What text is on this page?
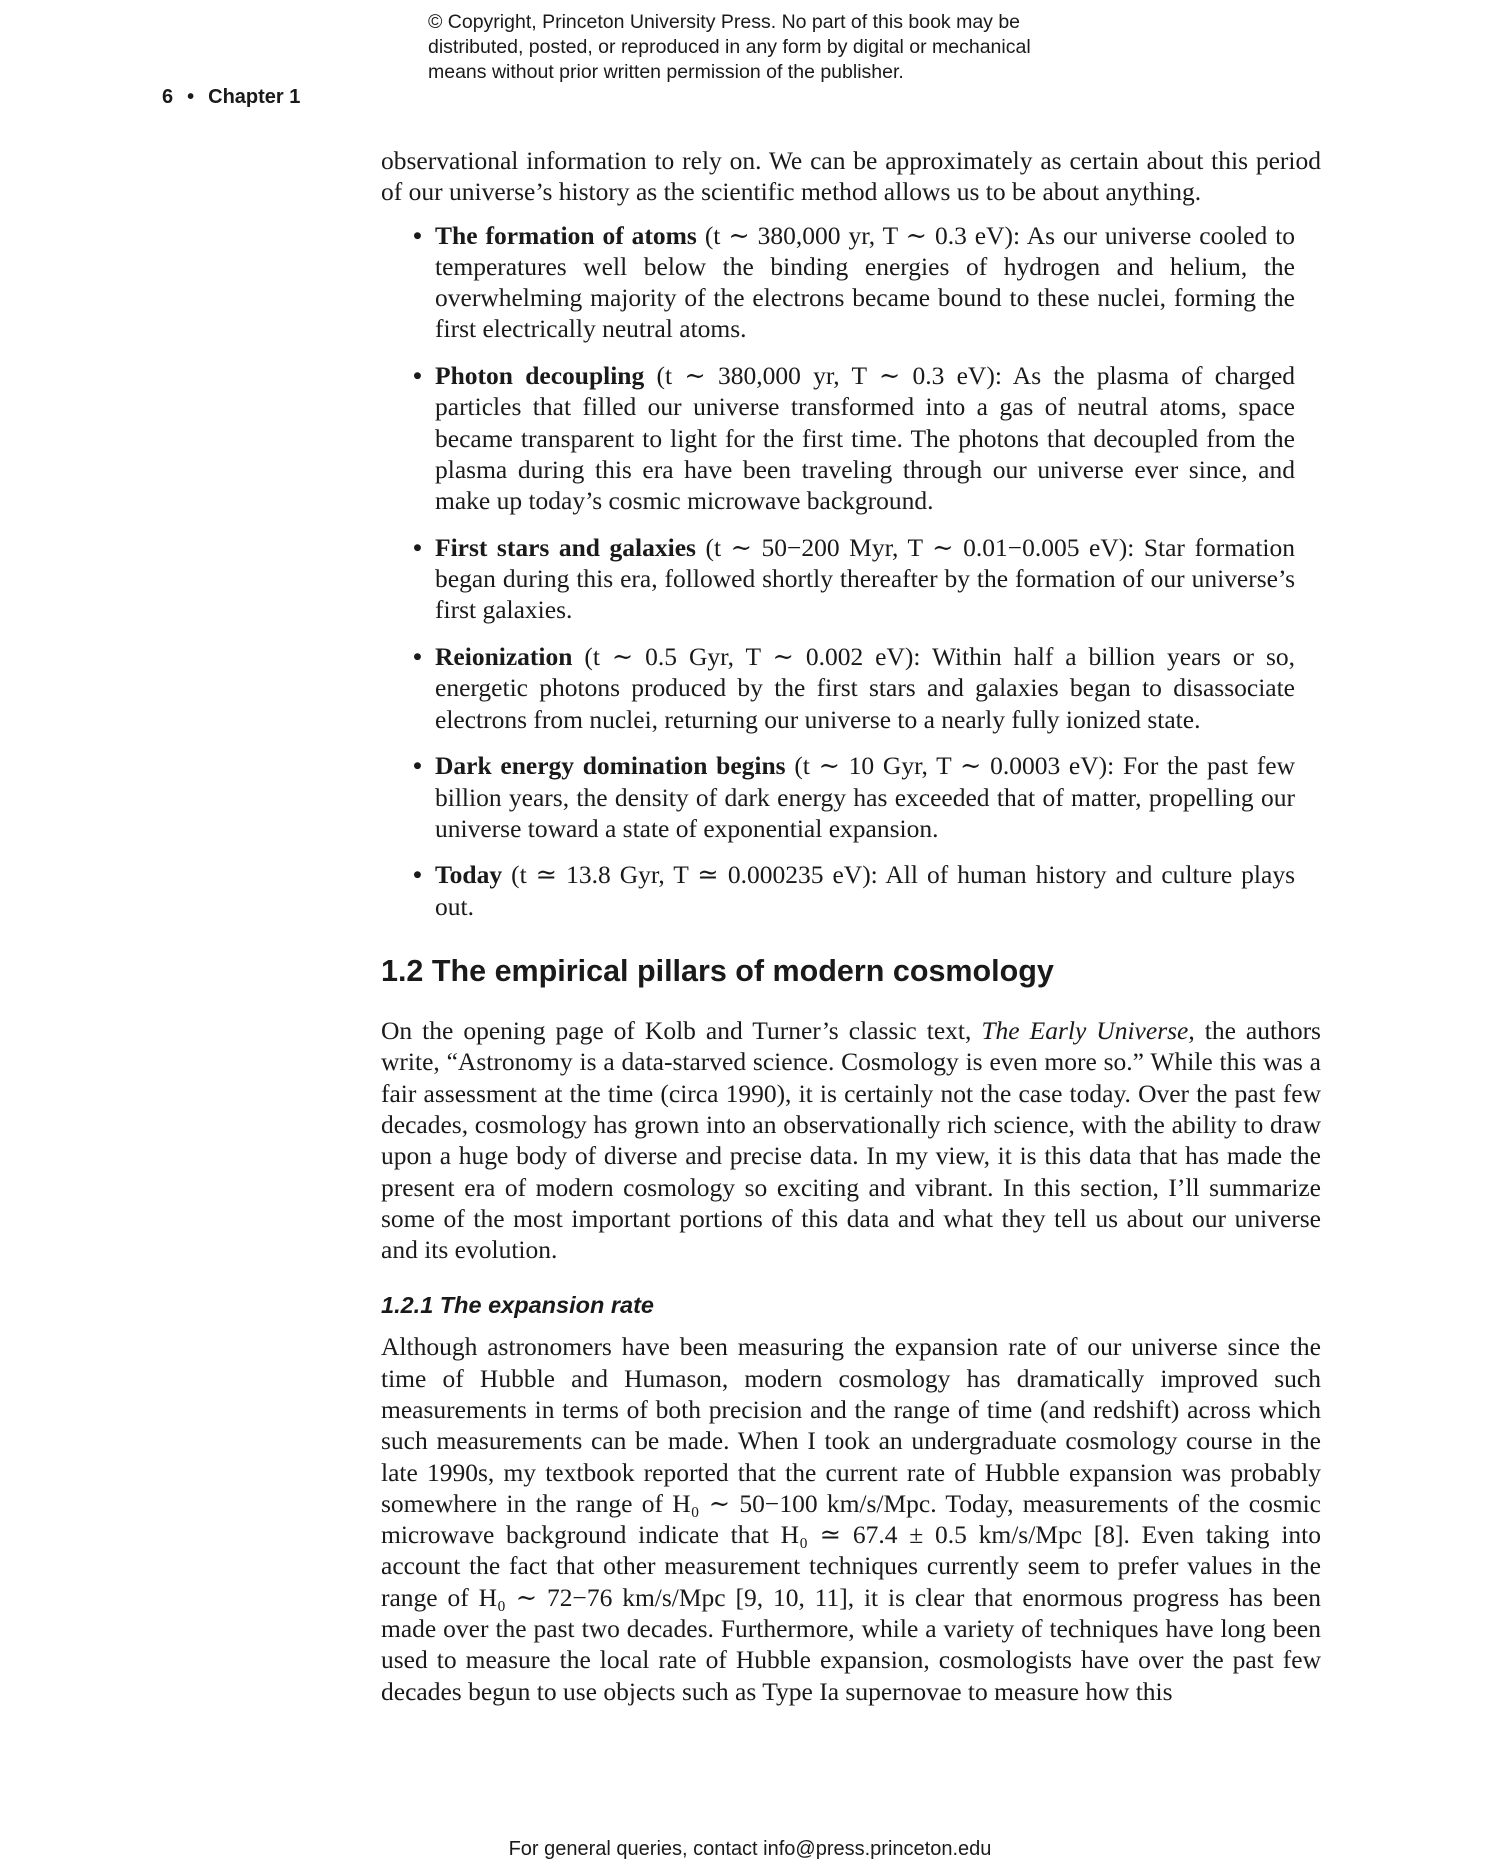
© Copyright, Princeton University Press. No part of this book may be
distributed, posted, or reproduced in any form by digital or mechanical
means without prior written permission of the publisher.
6 • Chapter 1

observational information to rely on. We can be approximately as certain about this period of our universe’s history as the scientific method allows us to be about anything.

• The formation of atoms (t ∼ 380,000 yr, T ∼ 0.3 eV): As our universe cooled to temperatures well below the binding energies of hydrogen and helium, the overwhelming majority of the electrons became bound to these nuclei, forming the first electrically neutral atoms.
• Photon decoupling (t ∼ 380,000 yr, T ∼ 0.3 eV): As the plasma of charged particles that filled our universe transformed into a gas of neutral atoms, space became transparent to light for the first time. The photons that decoupled from the plasma during this era have been traveling through our universe ever since, and make up today’s cosmic microwave background.
• First stars and galaxies (t ∼ 50−200 Myr, T ∼ 0.01−0.005 eV): Star formation began during this era, followed shortly thereafter by the formation of our universe’s first galaxies.
• Reionization (t ∼ 0.5 Gyr, T ∼ 0.002 eV): Within half a billion years or so, energetic photons produced by the first stars and galaxies began to disassociate electrons from nuclei, returning our universe to a nearly fully ionized state.
• Dark energy domination begins (t ∼ 10 Gyr, T ∼ 0.0003 eV): For the past few billion years, the density of dark energy has exceeded that of matter, propelling our universe toward a state of exponential expansion.
• Today (t ≃ 13.8 Gyr, T ≃ 0.000235 eV): All of human history and culture plays out.
1.2 The empirical pillars of modern cosmology

On the opening page of Kolb and Turner’s classic text, The Early Universe, the authors write, “Astronomy is a data-starved science. Cosmology is even more so.” While this was a fair assessment at the time (circa 1990), it is certainly not the case today. Over the past few decades, cosmology has grown into an observationally rich science, with the ability to draw upon a huge body of diverse and precise data. In my view, it is this data that has made the present era of modern cosmology so exciting and vibrant. In this section, I’ll summarize some of the most important portions of this data and what they tell us about our universe and its evolution.

1.2.1 The expansion rate

Although astronomers have been measuring the expansion rate of our universe since the time of Hubble and Humason, modern cosmology has dramatically improved such measurements in terms of both precision and the range of time (and redshift) across which such measurements can be made. When I took an undergraduate cosmology course in the late 1990s, my textbook reported that the current rate of Hubble expansion was probably somewhere in the range of H₀ ∼ 50−100 km/s/Mpc. Today, measurements of the cosmic microwave background indicate that H₀ ≃ 67.4 ± 0.5 km/s/Mpc [8]. Even taking into account the fact that other measurement techniques currently seem to prefer values in the range of H₀ ∼ 72−76 km/s/Mpc [9, 10, 11], it is clear that enormous progress has been made over the past two decades. Furthermore, while a variety of techniques have long been used to measure the local rate of Hubble expansion, cosmologists have over the past few decades begun to use objects such as Type Ia supernovae to measure how this

For general queries, contact info@press.princeton.edu
